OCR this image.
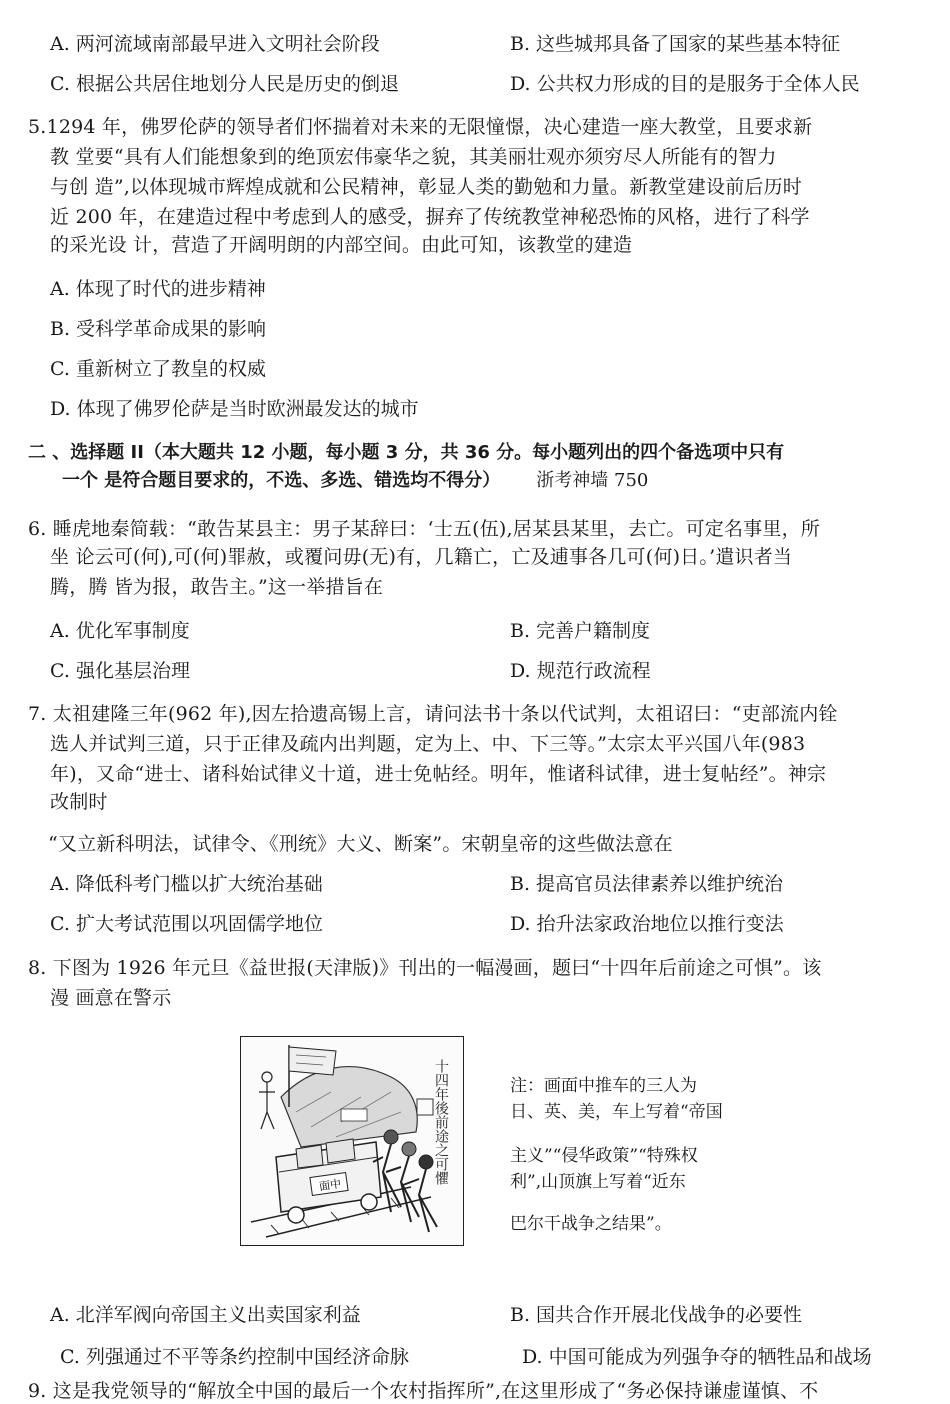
A. 两河流域南部最早进入文明社会阶段	B. 这些城邦具备了国家的某些基本特征
C. 根据公共居住地划分人民是历史的倒退	D. 公共权力形成的目的是服务于全体人民
5.1294 年，佛罗伦萨的领导者们怀揣着对未来的无限憧憬，决心建造一座大教堂，且要求新
教 堂要“具有人们能想象到的绝顶宏伟豪华之貌，其美丽壮观亦须穷尽人所能有的智力
与创 造”,以体现城市辉煌成就和公民精神，彰显人类的勤勉和力量。新教堂建设前后历时
近 200 年，在建造过程中考虑到人的感受，摒弃了传统教堂神秘恐怖的风格，进行了科学
的采光设 计，营造了开阔明朗的内部空间。由此可知，该教堂的建造
A. 体现了时代的进步精神
B. 受科学革命成果的影响
C. 重新树立了教皇的权威
D. 体现了佛罗伦萨是当时欧洲最发达的城市
二 、选择题 II（本大题共 12 小题，每小题 3 分，共 36 分。每小题列出的四个备选项中只有
一个 是符合题目要求的，不选、多选、错选均不得分） 浙考神墙 750
6. 睡虎地秦简载：“敢告某县主：男子某辞曰：‘士五(伍),居某县某里，去亡。可定名事里，所
坐 论云可(何),可(何)罪赦，或覆问毋(无)有，几籍亡，亡及逋事各几可(何)日。’遣识者当
腾，腾 皆为报，敢告主。”这一举措旨在
A. 优化军事制度	B. 完善户籍制度
C. 强化基层治理	D. 规范行政流程
7. 太祖建隆三年(962 年),因左拾遗高锡上言，请问法书十条以代试判，太祖诏曰：“吏部流内铨
选人并试判三道，只于正律及疏内出判题，定为上、中、下三等。”太宗太平兴国八年(983
年)，又命“进士、诸科始试律义十道，进士免帖经。明年，惟诸科试律，进士复帖经”。神宗
改制时
“又立新科明法，试律令、《刑统》大义、断案”。宋朝皇帝的这些做法意在
A. 降低科考门槛以扩大统治基础	B. 提高官员法律素养以维护统治
C. 扩大考试范围以巩固儒学地位	D. 抬升法家政治地位以推行变法
8. 下图为 1926 年元旦《益世报(天津版)》刊出的一幅漫画，题曰“十四年后前途之可惧”。该
漫 画意在警示
面中
十四年後前途之可懼	注：画面中推车的三人为
日、英、美，车上写着“帝国
主义”“侵华政策”“特殊权
利”,山顶旗上写着“近东
巴尔干战争之结果”。
A. 北洋军阀向帝国主义出卖国家利益	B. 国共合作开展北伐战争的必要性
C. 列强通过不平等条约控制中国经济命脉	D. 中国可能成为列强争夺的牺牲品和战场
9. 这是我党领导的“解放全中国的最后一个农村指挥所”,在这里形成了“务必保持谦虚谨慎、不
